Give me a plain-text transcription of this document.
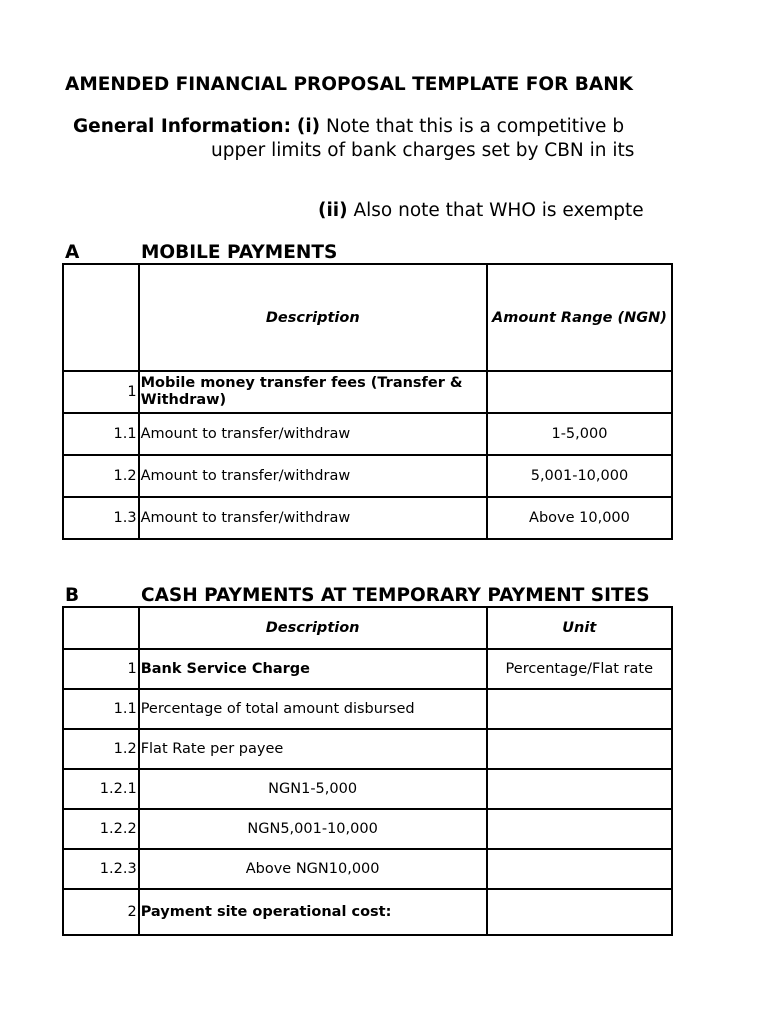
AMENDED FINANCIAL PROPOSAL TEMPLATE FOR BANK
General Information: (i) Note that this is a competitive b
upper limits of bank charges set by CBN in its
(ii) Also note that WHO is exempte
A	MOBILE PAYMENTS
	Description	Amount Range (NGN)
1	Mobile money transfer fees (Transfer & Withdraw)	
1.1	Amount to transfer/withdraw	1-5,000
1.2	Amount to transfer/withdraw	5,001-10,000
1.3	Amount to transfer/withdraw	Above 10,000
B	CASH PAYMENTS AT TEMPORARY PAYMENT SITES
	Description	Unit
1	Bank Service Charge	Percentage/Flat rate
1.1	Percentage of total amount disbursed	
1.2	Flat Rate per payee	
1.2.1	NGN1-5,000	
1.2.2	NGN5,001-10,000	
1.2.3	Above NGN10,000	
2	Payment site operational cost:	
